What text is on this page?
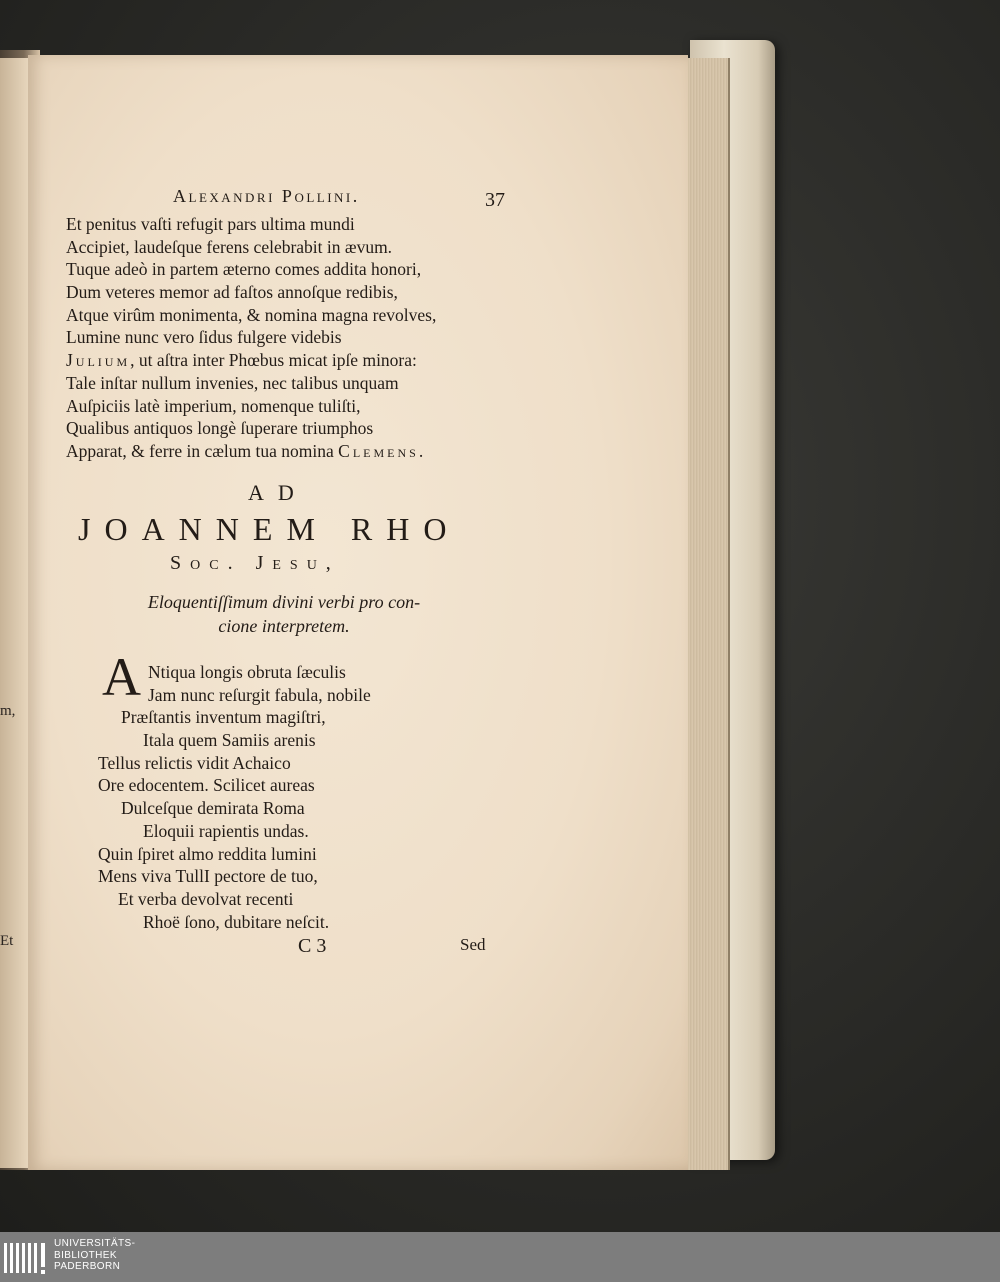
m,
Et
Alexandri Pollini.	37
Et penitus vaſti refugit pars ultima mundi
Accipiet, laudeſque ferens celebrabit in ævum.
Tuque adeò in partem æterno comes addita honori,
Dum veteres memor ad faſtos annoſque redibis,
Atque virûm monimenta, & nomina magna revolves,
Lumine nunc vero ſidus fulgere videbis
Julium, ut aſtra inter Phœbus micat ipſe minora:
Tale inſtar nullum invenies, nec talibus unquam
Auſpiciis latè imperium, nomenque tuliſti,
Qualibus antiquos longè ſuperare triumphos
Apparat, & ferre in cælum tua nomina Clemens.
AD
JOANNEM RHO
Soc. Jesu,
Eloquentiſſimum divini verbi pro con-
cione interpretem.
A Ntiqua longis obruta ſæculis
Jam nunc reſurgit fabula, nobile
Præſtantis inventum magiſtri,
Itala quem Samiis arenis
Tellus relictis vidit Achaico
Ore edocentem. Scilicet aureas
Dulceſque demirata Roma
Eloquii rapientis undas.
Quin ſpiret almo reddita lumini
Mens viva TullI pectore de tuo,
Et verba devolvat recenti
Rhoë ſono, dubitare neſcit.
C 3	Sed
UNIVERSITÄTS-
BIBLIOTHEK
PADERBORN
